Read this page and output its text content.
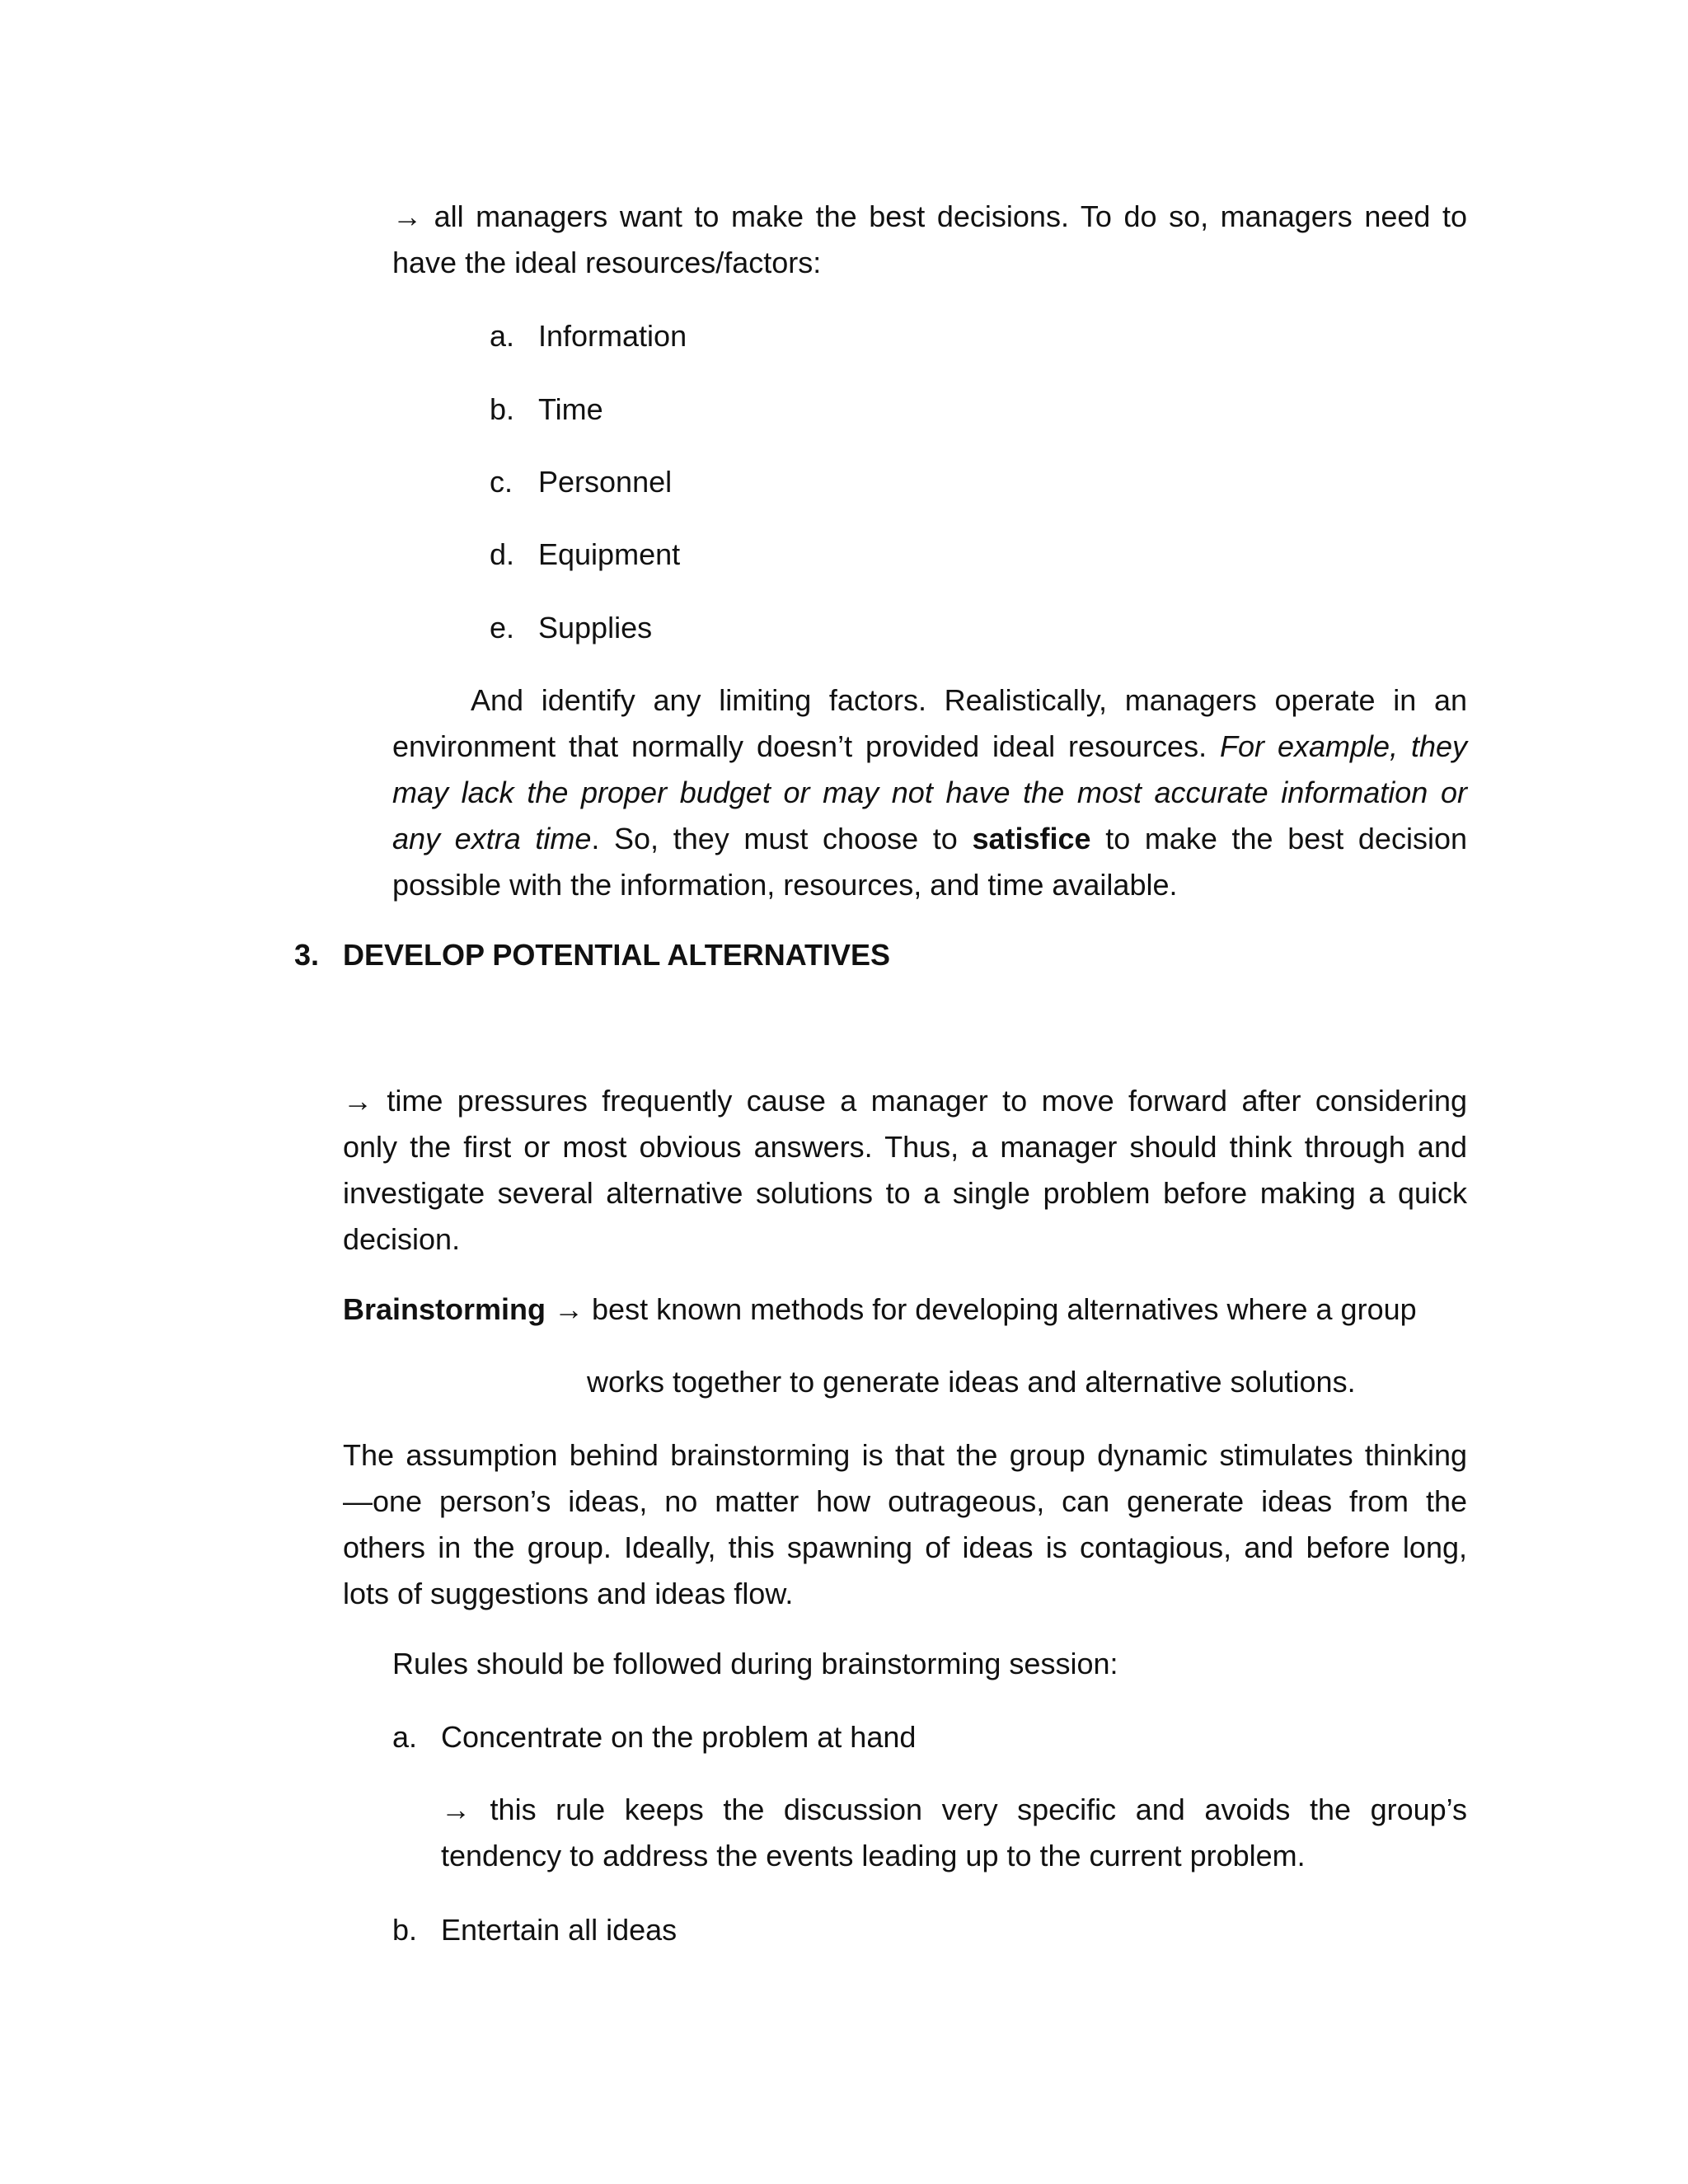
→ all managers want to make the best decisions. To do so, managers need to
have the ideal resources/factors:
a. Information
b. Time
c. Personnel
d. Equipment
e. Supplies
And identify any limiting factors. Realistically, managers operate in an
environment that normally doesn’t provided ideal resources. For example, they
may lack the proper budget or may not have the most accurate information or
any extra time. So, they must choose to satisfice to make the best decision
possible with the information, resources, and time available.
3. DEVELOP POTENTIAL ALTERNATIVES
→ time pressures frequently cause a manager to move forward after considering
only the first or most obvious answers. Thus, a manager should think through and
investigate several alternative solutions to a single problem before making a quick
decision.
Brainstorming → best known methods for developing alternatives where a group
works together to generate ideas and alternative solutions.
The assumption behind brainstorming is that the group dynamic stimulates thinking
—one person’s ideas, no matter how outrageous, can generate ideas from the
others in the group. Ideally, this spawning of ideas is contagious, and before long,
lots of suggestions and ideas flow.
Rules should be followed during brainstorming session:
a. Concentrate on the problem at hand
→ this rule keeps the discussion very specific and avoids the group’s
tendency to address the events leading up to the current problem.
b. Entertain all ideas
